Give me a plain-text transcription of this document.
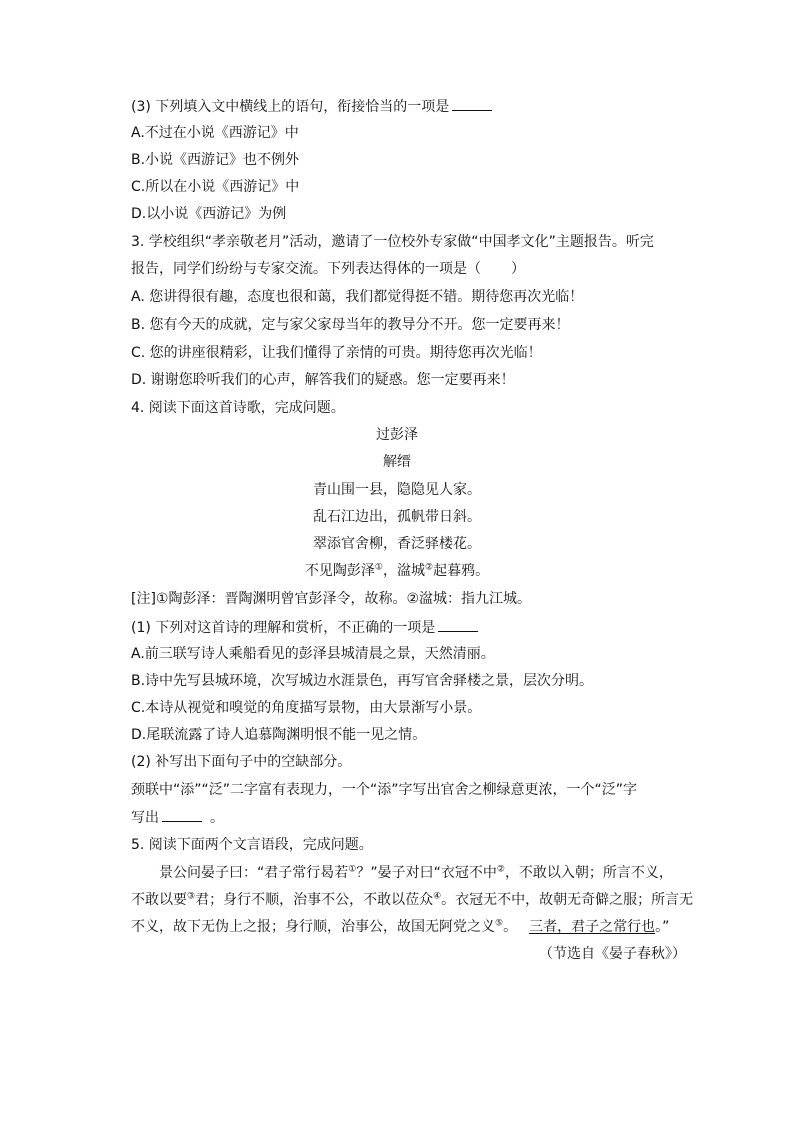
(3) 下列填入文中横线上的语句，衔接恰当的一项是
A.不过在小说《西游记》中
B.小说《西游记》也不例外
C.所以在小说《西游记》中
D.以小说《西游记》为例
3. 学校组织“孝亲敬老月”活动，邀请了一位校外专家做“中国孝文化”主题报告。听完
报告，同学们纷纷与专家交流。下列表达得体的一项是（ ）
A. 您讲得很有趣，态度也很和蔼，我们都觉得挺不错。期待您再次光临！
B. 您有今天的成就，定与家父家母当年的教导分不开。您一定要再来！
C. 您的讲座很精彩，让我们懂得了亲情的可贵。期待您再次光临！
D. 谢谢您聆听我们的心声，解答我们的疑惑。您一定要再来！
4. 阅读下面这首诗歌，完成问题。
过彭泽
解缙
青山围一县，隐隐见人家。
乱石江边出，孤帆带日斜。
翠添官舍柳，香泛驿楼花。
不见陶彭泽①，湓城②起暮鸦。
[注]①陶彭泽：晋陶渊明曾官彭泽令，故称。②湓城：指九江城。
(1) 下列对这首诗的理解和赏析，不正确的一项是
A.前三联写诗人乘船看见的彭泽县城清晨之景，天然清丽。
B.诗中先写县城环境，次写城边水涯景色，再写官舍驿楼之景，层次分明。
C.本诗从视觉和嗅觉的角度描写景物，由大景渐写小景。
D.尾联流露了诗人追慕陶渊明恨不能一见之情。
(2) 补写出下面句子中的空缺部分。
颈联中“添”“泛”二字富有表现力，一个“添”字写出官舍之柳绿意更浓，一个“泛”字
写出	。
5. 阅读下面两个文言语段，完成问题。
景公问晏子曰：“君子常行曷若①？”晏子对曰“衣冠不中②，不敢以入朝；所言不义，
不敢以要③君；身行不顺，治事不公，不敢以莅众④。衣冠无不中，故朝无奇僻之服；所言无
不义，故下无伪上之报；身行顺，治事公，故国无阿党之义⑤。 三者，君子之常行也。”
（节选自《晏子春秋》）
